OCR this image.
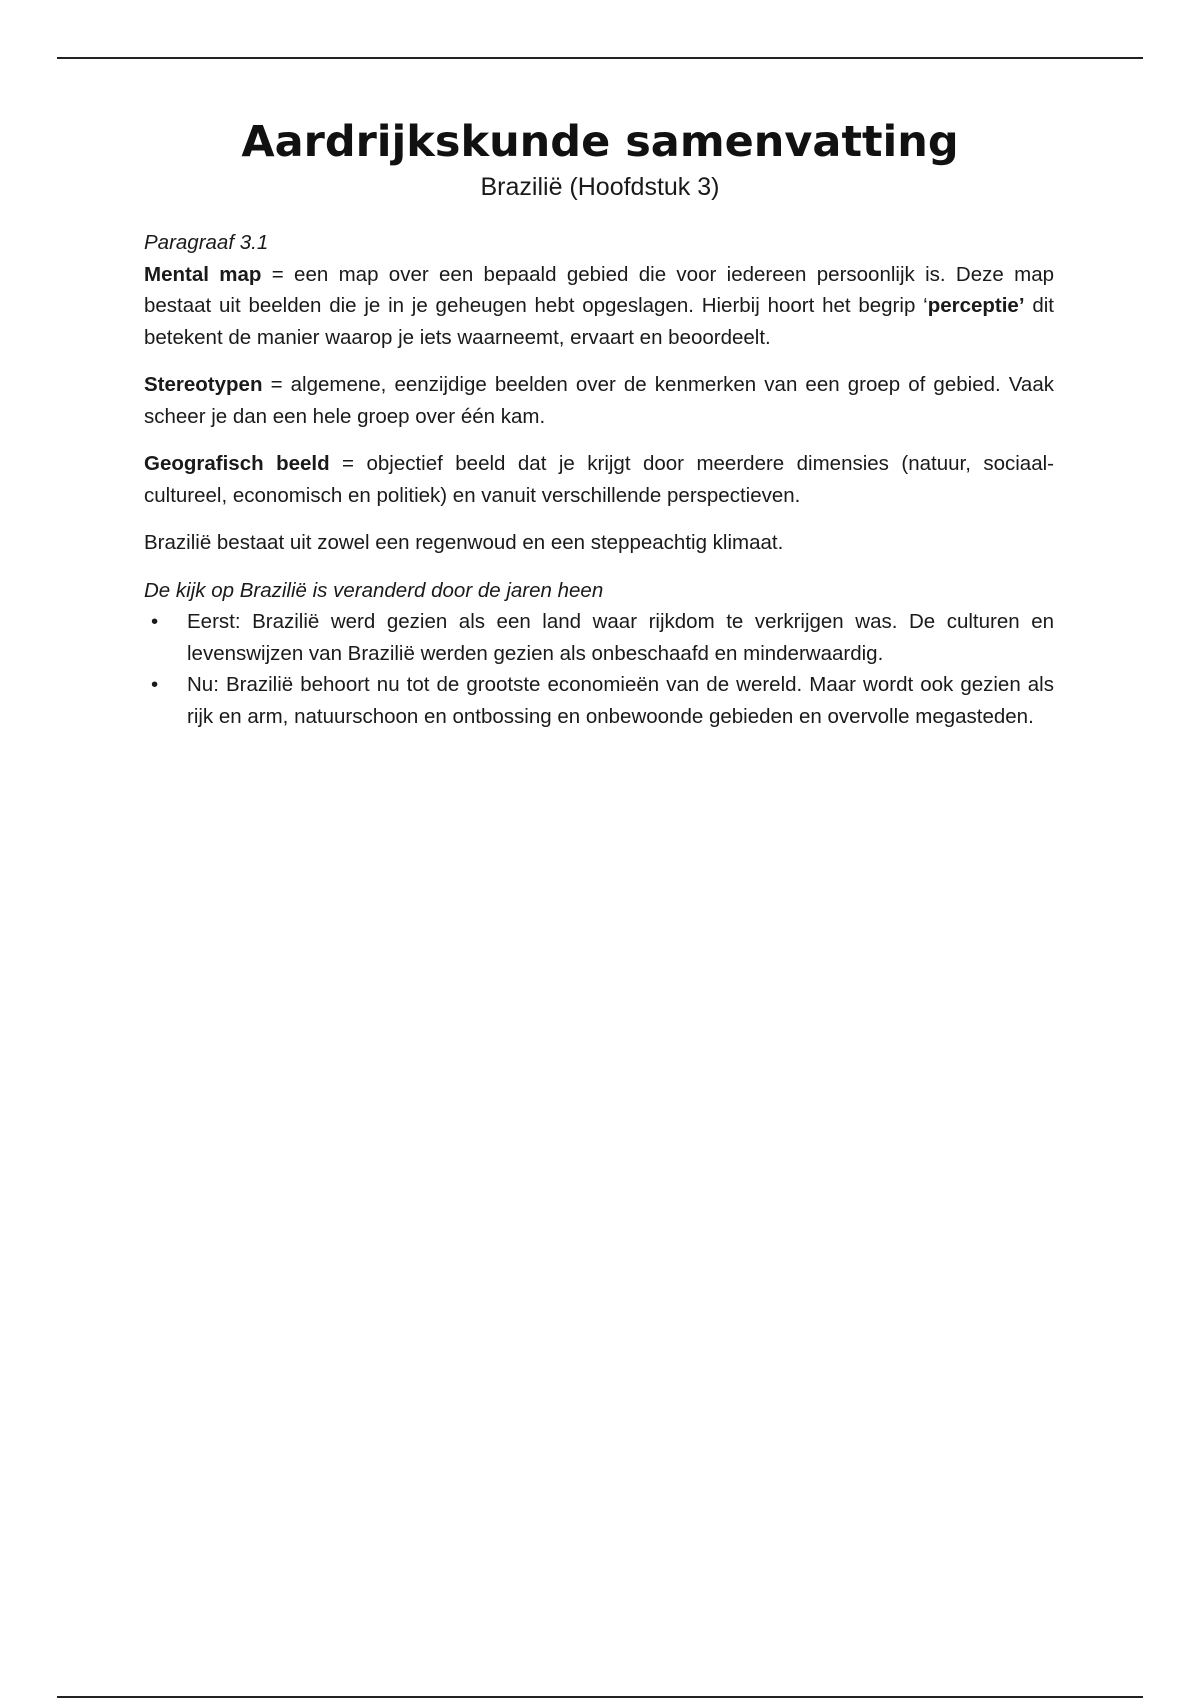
Aardrijkskunde samenvatting
Brazilië (Hoofdstuk 3)

Paragraaf 3.1

Mental map = een map over een bepaald gebied die voor iedereen persoonlijk is. Deze map bestaat uit beelden die je in je geheugen hebt opgeslagen. Hierbij hoort het begrip ‘perceptie’ dit betekent de manier waarop je iets waarneemt, ervaart en beoordeelt.

Stereotypen = algemene, eenzijdige beelden over de kenmerken van een groep of gebied. Vaak scheer je dan een hele groep over één kam.

Geografisch beeld = objectief beeld dat je krijgt door meerdere dimensies (natuur, sociaal-cultureel, economisch en politiek) en vanuit verschillende perspectieven.

Brazilië bestaat uit zowel een regenwoud en een steppeachtig klimaat.

De kijk op Brazilië is veranderd door de jaren heen

• Eerst: Brazilië werd gezien als een land waar rijkdom te verkrijgen was. De culturen en levenswijzen van Brazilië werden gezien als onbeschaafd en minderwaardig.
• Nu: Brazilië behoort nu tot de grootste economieën van de wereld. Maar wordt ook gezien als rijk en arm, natuurschoon en ontbossing en onbewoonde gebieden en overvolle megasteden.
